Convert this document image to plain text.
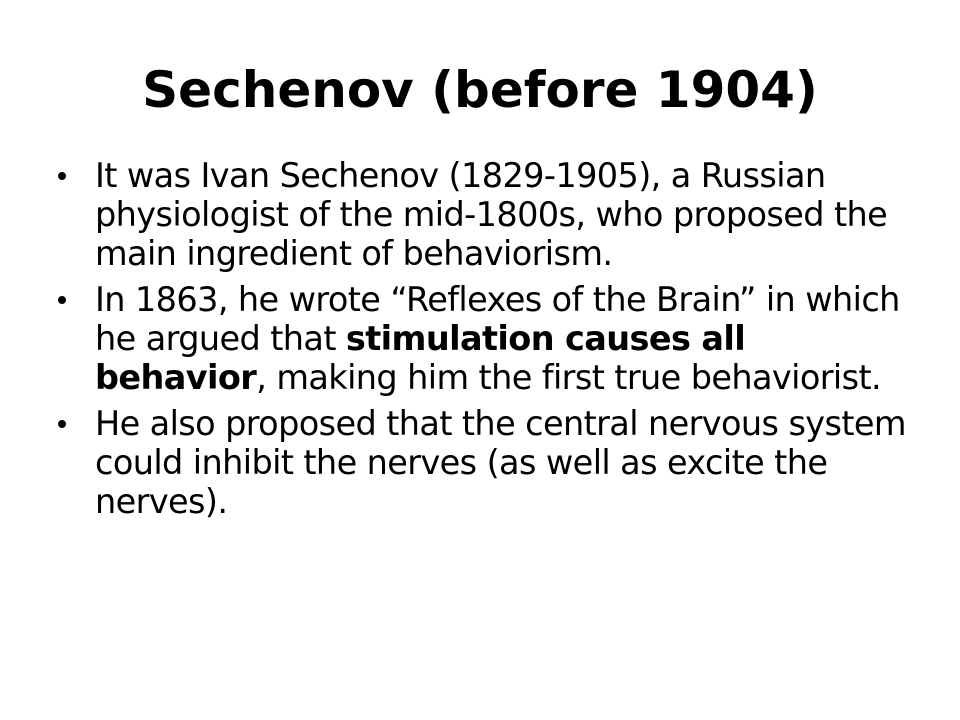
Sechenov (before 1904)
It was Ivan Sechenov (1829-1905), a Russian physiologist of the mid-1800s, who proposed the main ingredient of behaviorism.
In 1863, he wrote “Reflexes of the Brain” in which he argued that stimulation causes all behavior, making him the first true behaviorist.
He also proposed that the central nervous system could inhibit the nerves (as well as excite the nerves).
